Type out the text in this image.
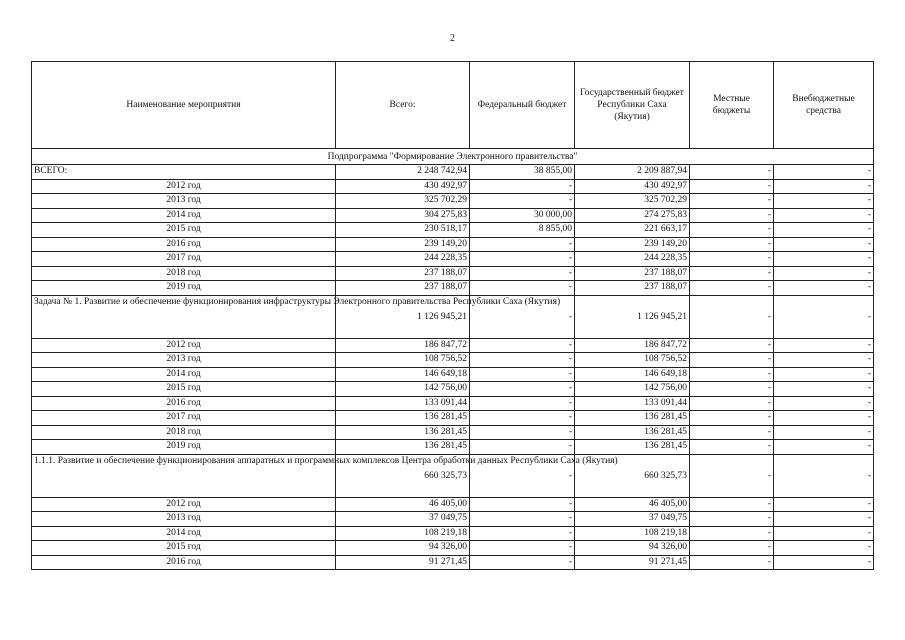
2
Наименование мероприятия	Всего:	Федеральный бюджет	Государственный бюджет Республики Саха (Якутия)	Местные бюджеты	Внебюджетные средства
Подпрограмма "Формирование Электронного правительства"					
ВСЕГО:	2 248 742,94	38 855,00	2 209 887,94	-	-
2012 год	430 492,97	-	430 492,97	-	-
2013 год	325 702,29	-	325 702,29	-	-
2014 год	304 275,83	30 000,00	274 275,83	-	-
2015 год	230 518,17	8 855,00	221 663,17	-	-
2016 год	239 149,20	-	239 149,20	-	-
2017 год	244 228,35	-	244 228,35	-	-
2018 год	237 188,07	-	237 188,07	-	-
2019 год	237 188,07	-	237 188,07	-	-
Задача № 1. Развитие и обеспечение функционирования инфраструктуры Электронного правительства Республики Саха (Якутия)	1 126 945,21	-	1 126 945,21	-	-
2012 год	186 847,72	-	186 847,72	-	-
2013 год	108 756,52	-	108 756,52	-	-
2014 год	146 649,18	-	146 649,18	-	-
2015 год	142 756,00	-	142 756,00	-	-
2016 год	133 091,44	-	133 091,44	-	-
2017 год	136 281,45	-	136 281,45	-	-
2018 год	136 281,45	-	136 281,45	-	-
2019 год	136 281,45	-	136 281,45	-	-
1.1.1. Развитие и обеспечение функционирования аппаратных и программных комплексов Центра обработки данных Республики Саха (Якутия)	660 325,73	-	660 325,73	-	-
2012 год	46 405,00	-	46 405,00	-	-
2013 год	37 049,75	-	37 049,75	-	-
2014 год	108 219,18	-	108 219,18	-	-
2015 год	94 326,00	-	94 326,00	-	-
2016 год	91 271,45	-	91 271,45	-	-
